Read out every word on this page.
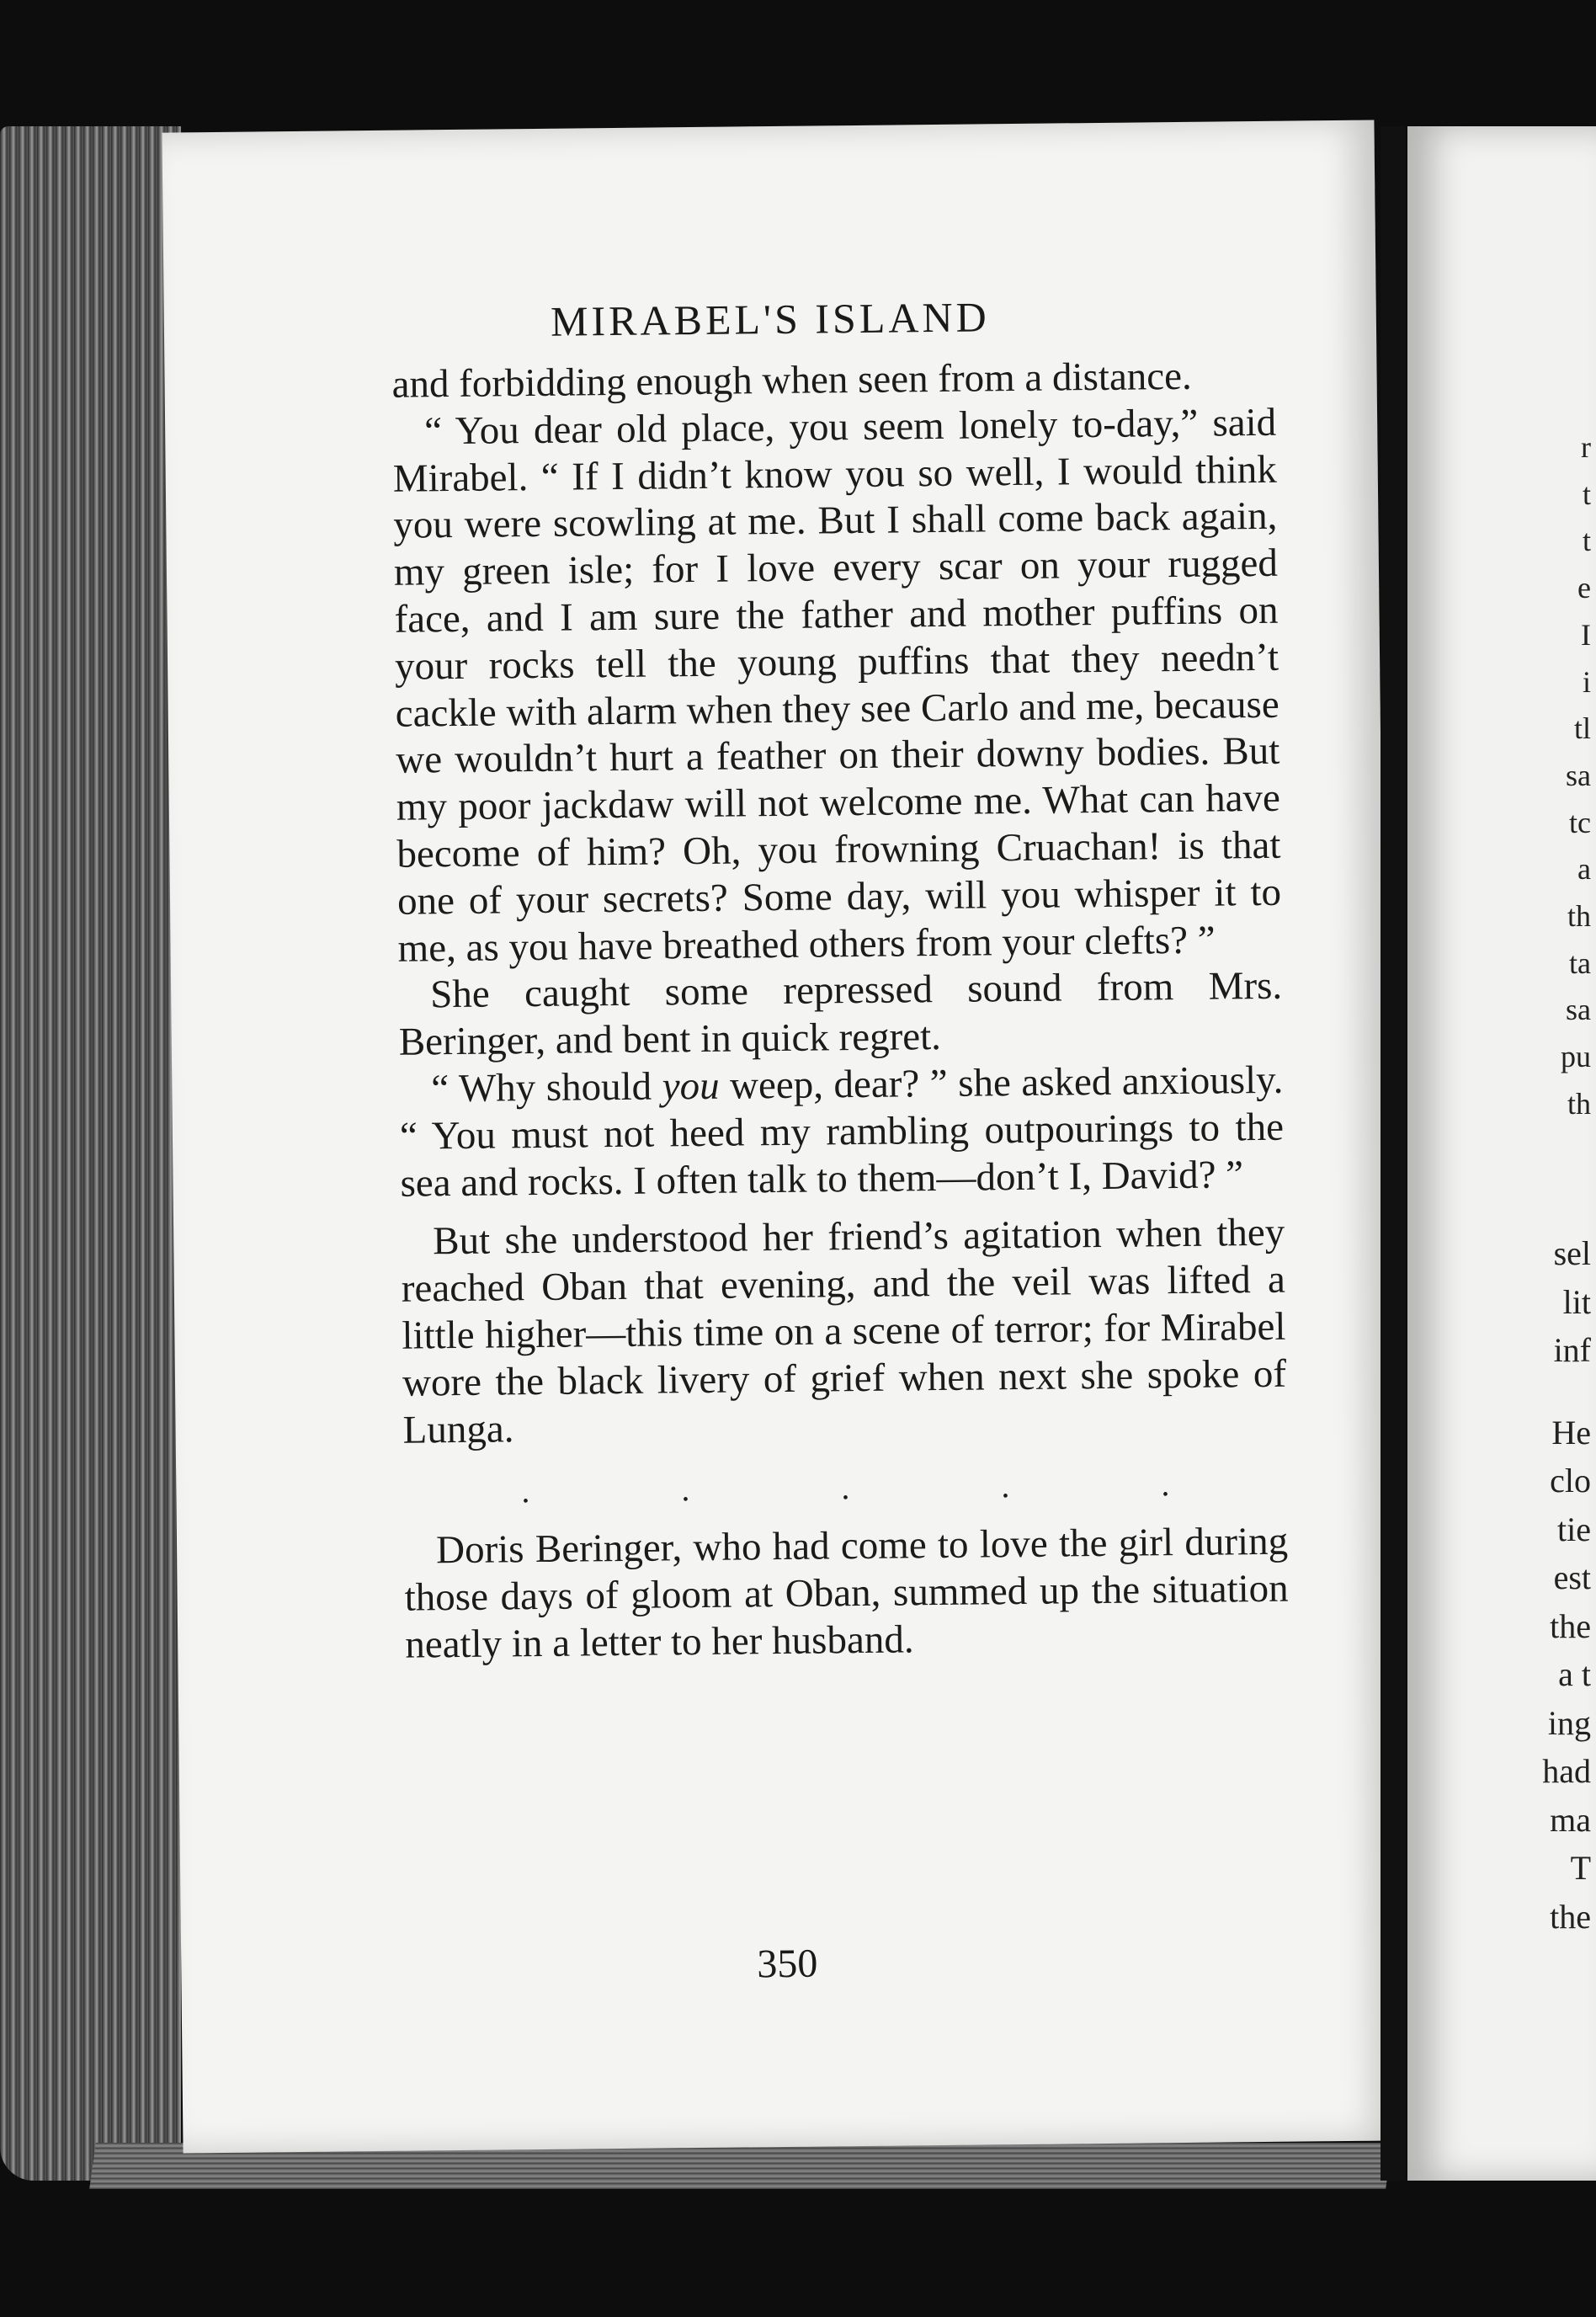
MIRABEL'S ISLAND

and forbidding enough when seen from a distance.

“ You dear old place, you seem lonely to-day,” said Mirabel. “ If I didn’t know you so well, I would think you were scowling at me. But I shall come back again, my green isle; for I love every scar on your rugged face, and I am sure the father and mother puffins on your rocks tell the young puffins that they needn’t cackle with alarm when they see Carlo and me, because we wouldn’t hurt a feather on their downy bodies. But my poor jackdaw will not welcome me. What can have become of him? Oh, you frowning Cruachan! is that one of your secrets? Some day, will you whisper it to me, as you have breathed others from your clefts? ”

She caught some repressed sound from Mrs. Beringer, and bent in quick regret.

“ Why should you weep, dear? ” she asked anxiously. “ You must not heed my rambling outpourings to the sea and rocks. I often talk to them—don’t I, David? ”

But she understood her friend’s agitation when they reached Oban that evening, and the veil was lifted a little higher—this time on a scene of terror; for Mirabel wore the black livery of grief when next she spoke of Lunga.

.	.	.	.	.

Doris Beringer, who had come to love the girl during those days of gloom at Oban, summed up the situation neatly in a letter to her husband.

350
r
t
t
e
I
i
tl
sa
tc
a
th
ta
sa
pu
th
sel
lit
inf
He
clo
tie
est
the
a t
ing
had
ma
T
the
